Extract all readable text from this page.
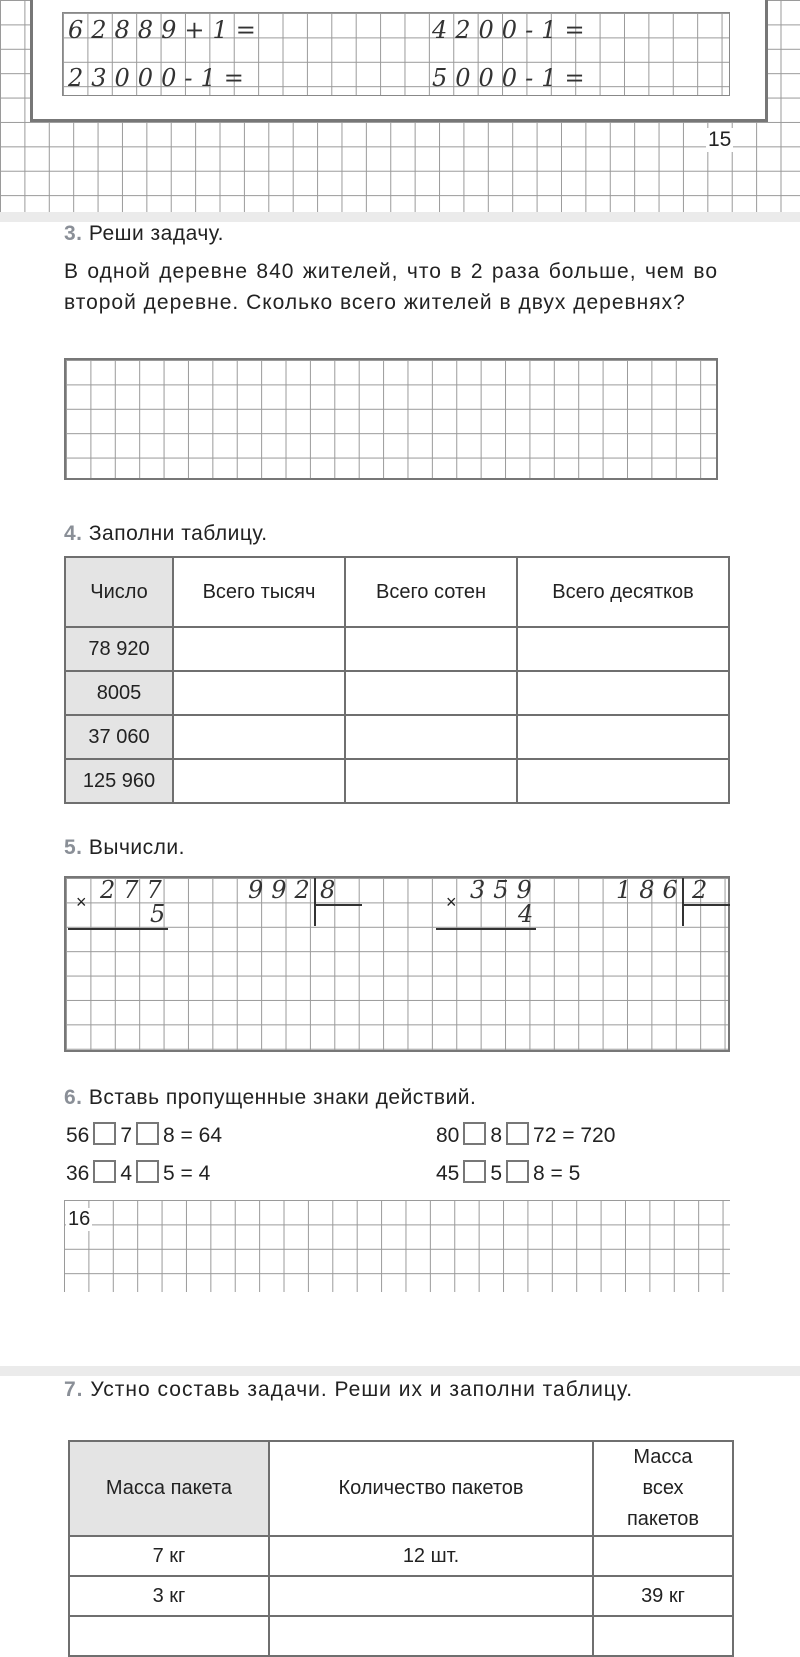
62889+1=	4200-1=
23000-1=	5000-1=
15
3. Реши задачу.
В одной деревне 840 жителей, что в 2 раза больше, чем во второй деревне. Сколько всего жителей в двух деревнях?
4. Заполни таблицу.
Число	Всего тысяч	Всего сотен	Всего десятков
78 920			
8005			
37 060			
125 960			
5. Вычисли.
× 277
5
992 8	× 359
4
186 2
6. Вставь пропущенные знаки действий.
56 7 8 = 64	80 8 72 = 720
36 4 5 = 4	45 5 8 = 5
16
7. Устно составь задачи. Реши их и заполни таблицу.
Масса пакета	Количество пакетов	Масса всех пакетов
7 кг	12 шт.	
3 кг		39 кг
